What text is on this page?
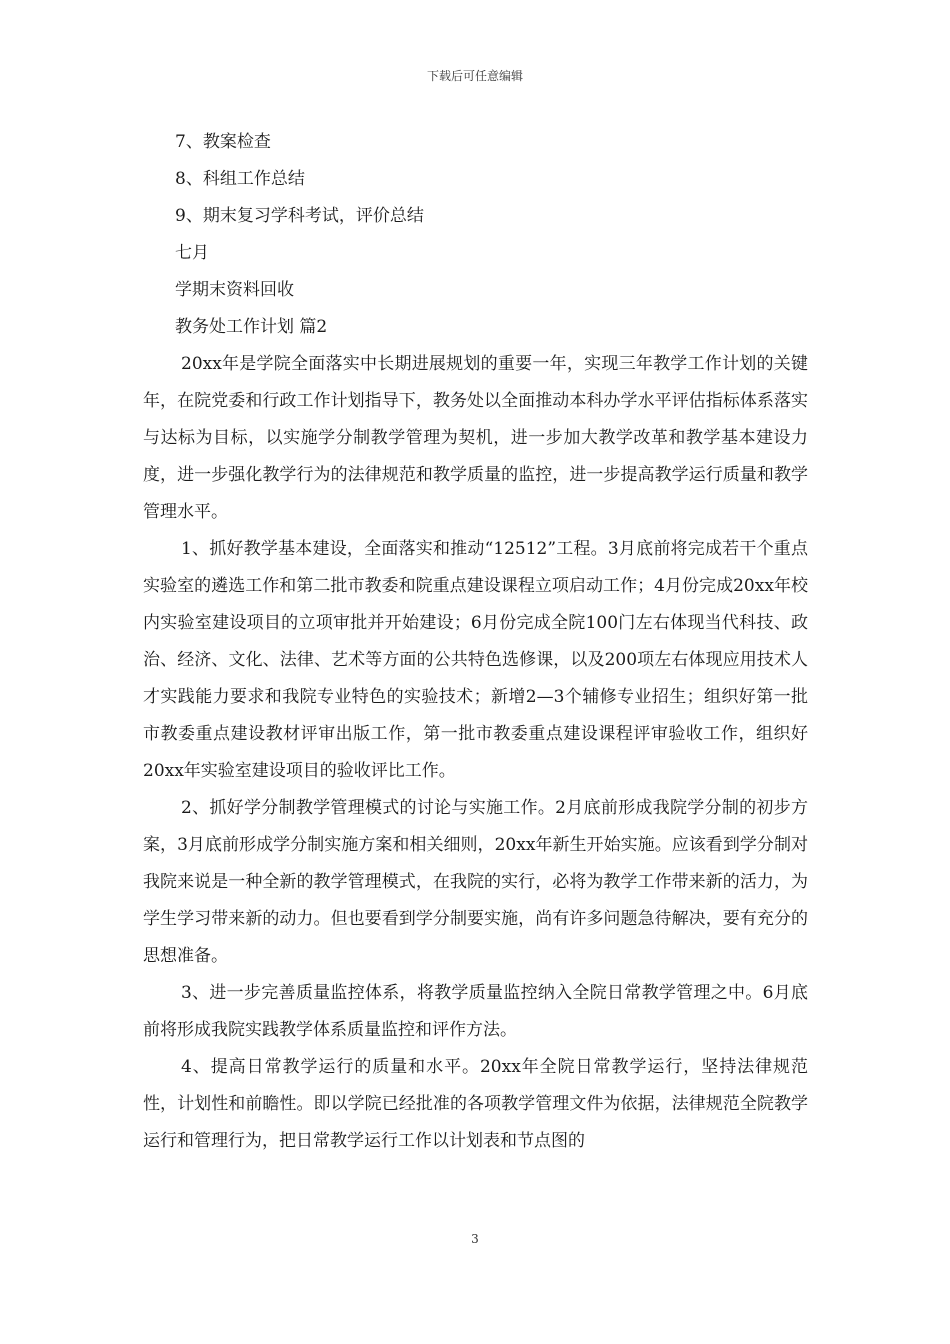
下载后可任意编辑

7、教案检查

8、科组工作总结

9、期末复习学科考试，评价总结

七月

学期末资料回收

教务处工作计划 篇2

20xx年是学院全面落实中长期进展规划的重要一年，实现三年教学工作计划的关键年，在院党委和行政工作计划指导下，教务处以全面推动本科办学水平评估指标体系落实与达标为目标，以实施学分制教学管理为契机，进一步加大教学改革和教学基本建设力度，进一步强化教学行为的法律规范和教学质量的监控，进一步提高教学运行质量和教学管理水平。

1、抓好教学基本建设，全面落实和推动“12512”工程。3月底前将完成若干个重点实验室的遴选工作和第二批市教委和院重点建设课程立项启动工作；4月份完成20xx年校内实验室建设项目的立项审批并开始建设；6月份完成全院100门左右体现当代科技、政治、经济、文化、法律、艺术等方面的公共特色选修课，以及200项左右体现应用技术人才实践能力要求和我院专业特色的实验技术；新增2—3个辅修专业招生；组织好第一批市教委重点建设教材评审出版工作，第一批市教委重点建设课程评审验收工作，组织好20xx年实验室建设项目的验收评比工作。

2、抓好学分制教学管理模式的讨论与实施工作。2月底前形成我院学分制的初步方案，3月底前形成学分制实施方案和相关细则，20xx年新生开始实施。应该看到学分制对我院来说是一种全新的教学管理模式，在我院的实行，必将为教学工作带来新的活力，为学生学习带来新的动力。但也要看到学分制要实施，尚有许多问题急待解决，要有充分的思想准备。

3、进一步完善质量监控体系，将教学质量监控纳入全院日常教学管理之中。6月底前将形成我院实践教学体系质量监控和评作方法。

4、提高日常教学运行的质量和水平。20xx年全院日常教学运行，坚持法律规范性，计划性和前瞻性。即以学院已经批准的各项教学管理文件为依据，法律规范全院教学运行和管理行为，把日常教学运行工作以计划表和节点图的

3
